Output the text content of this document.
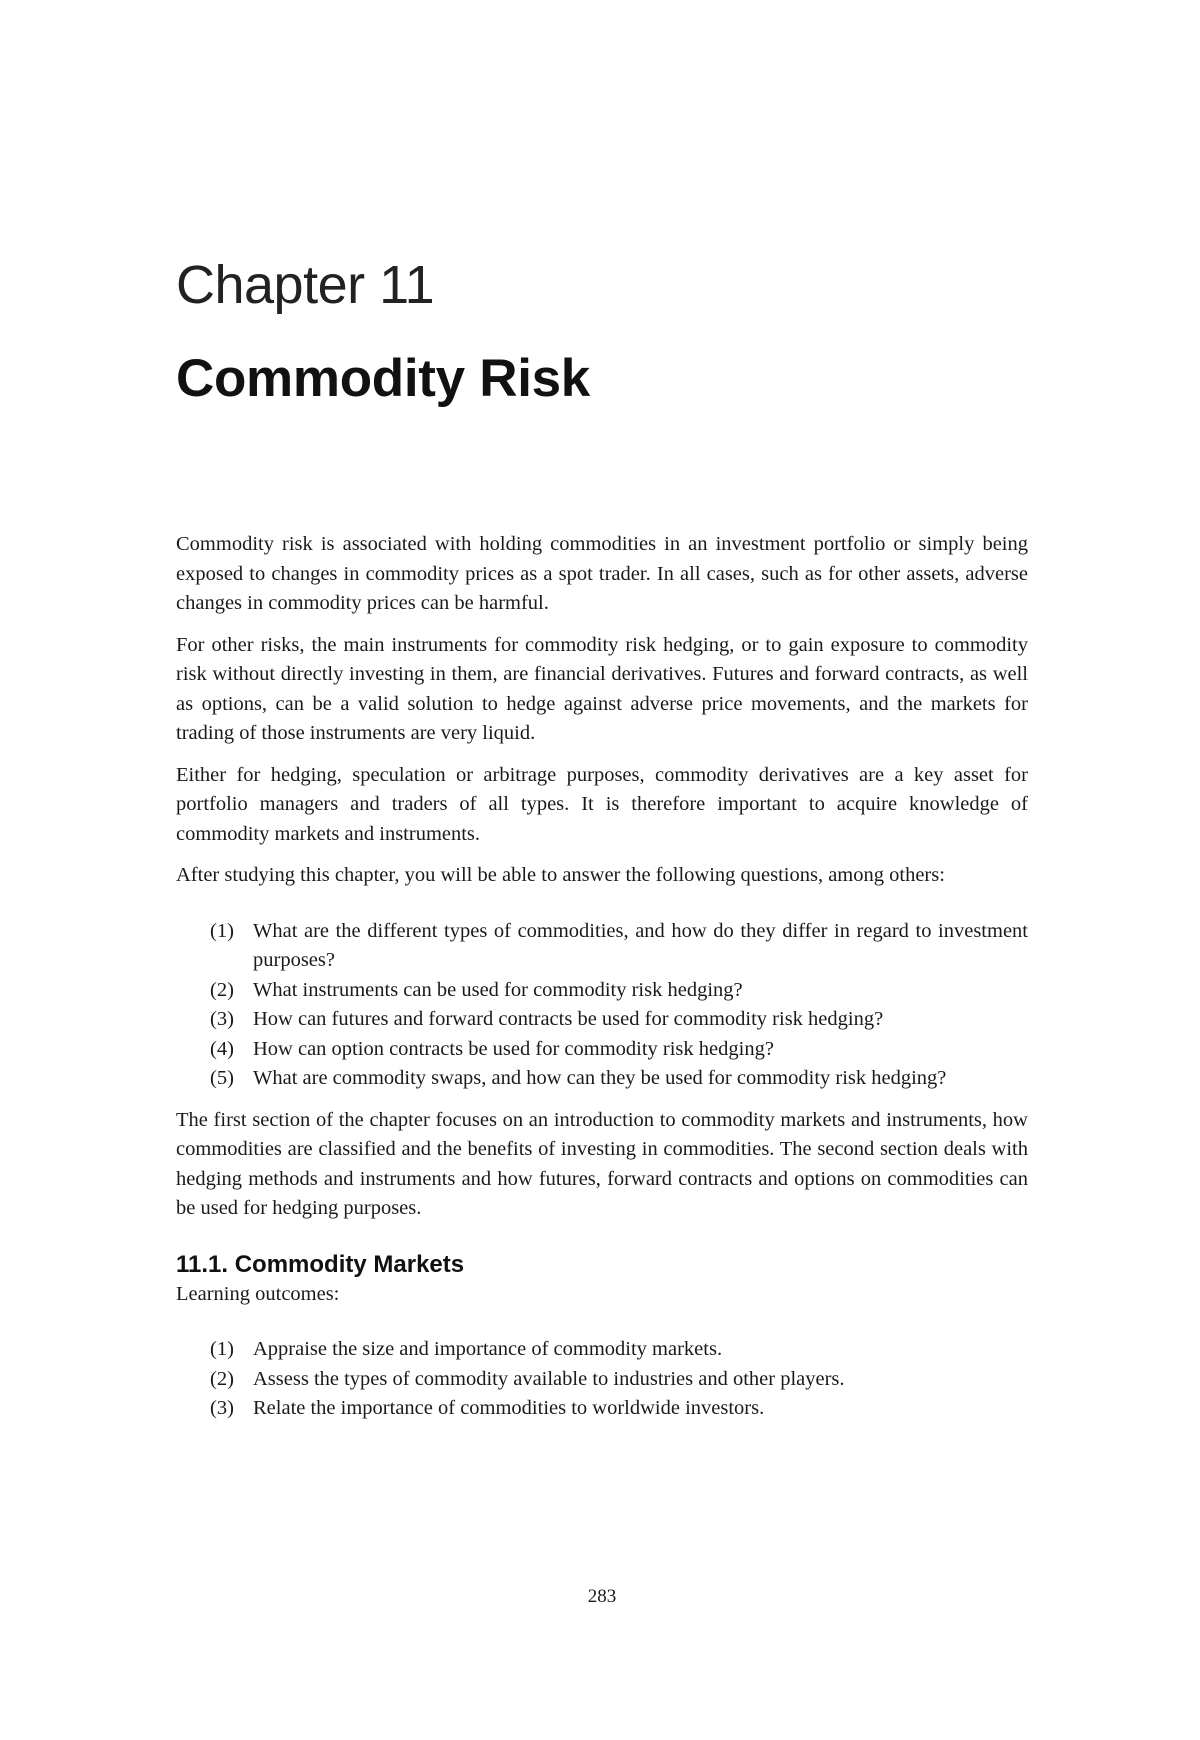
Chapter 11
Commodity Risk

Commodity risk is associated with holding commodities in an investment portfolio or simply being exposed to changes in commodity prices as a spot trader. In all cases, such as for other assets, adverse changes in commodity prices can be harmful.

For other risks, the main instruments for commodity risk hedging, or to gain exposure to commodity risk without directly investing in them, are financial derivatives. Futures and forward contracts, as well as options, can be a valid solution to hedge against adverse price movements, and the markets for trading of those instruments are very liquid.

Either for hedging, speculation or arbitrage purposes, commodity derivatives are a key asset for portfolio managers and traders of all types. It is therefore important to acquire knowledge of commodity markets and instruments.

After studying this chapter, you will be able to answer the following questions, among others:

(1) What are the different types of commodities, and how do they differ in regard to investment purposes?
(2) What instruments can be used for commodity risk hedging?
(3) How can futures and forward contracts be used for commodity risk hedging?
(4) How can option contracts be used for commodity risk hedging?
(5) What are commodity swaps, and how can they be used for commodity risk hedging?

The first section of the chapter focuses on an introduction to commodity markets and instruments, how commodities are classified and the benefits of investing in commodities. The second section deals with hedging methods and instruments and how futures, forward contracts and options on commodities can be used for hedging purposes.

11.1. Commodity Markets
Learning outcomes:
(1) Appraise the size and importance of commodity markets.
(2) Assess the types of commodity available to industries and other players.
(3) Relate the importance of commodities to worldwide investors.
283
